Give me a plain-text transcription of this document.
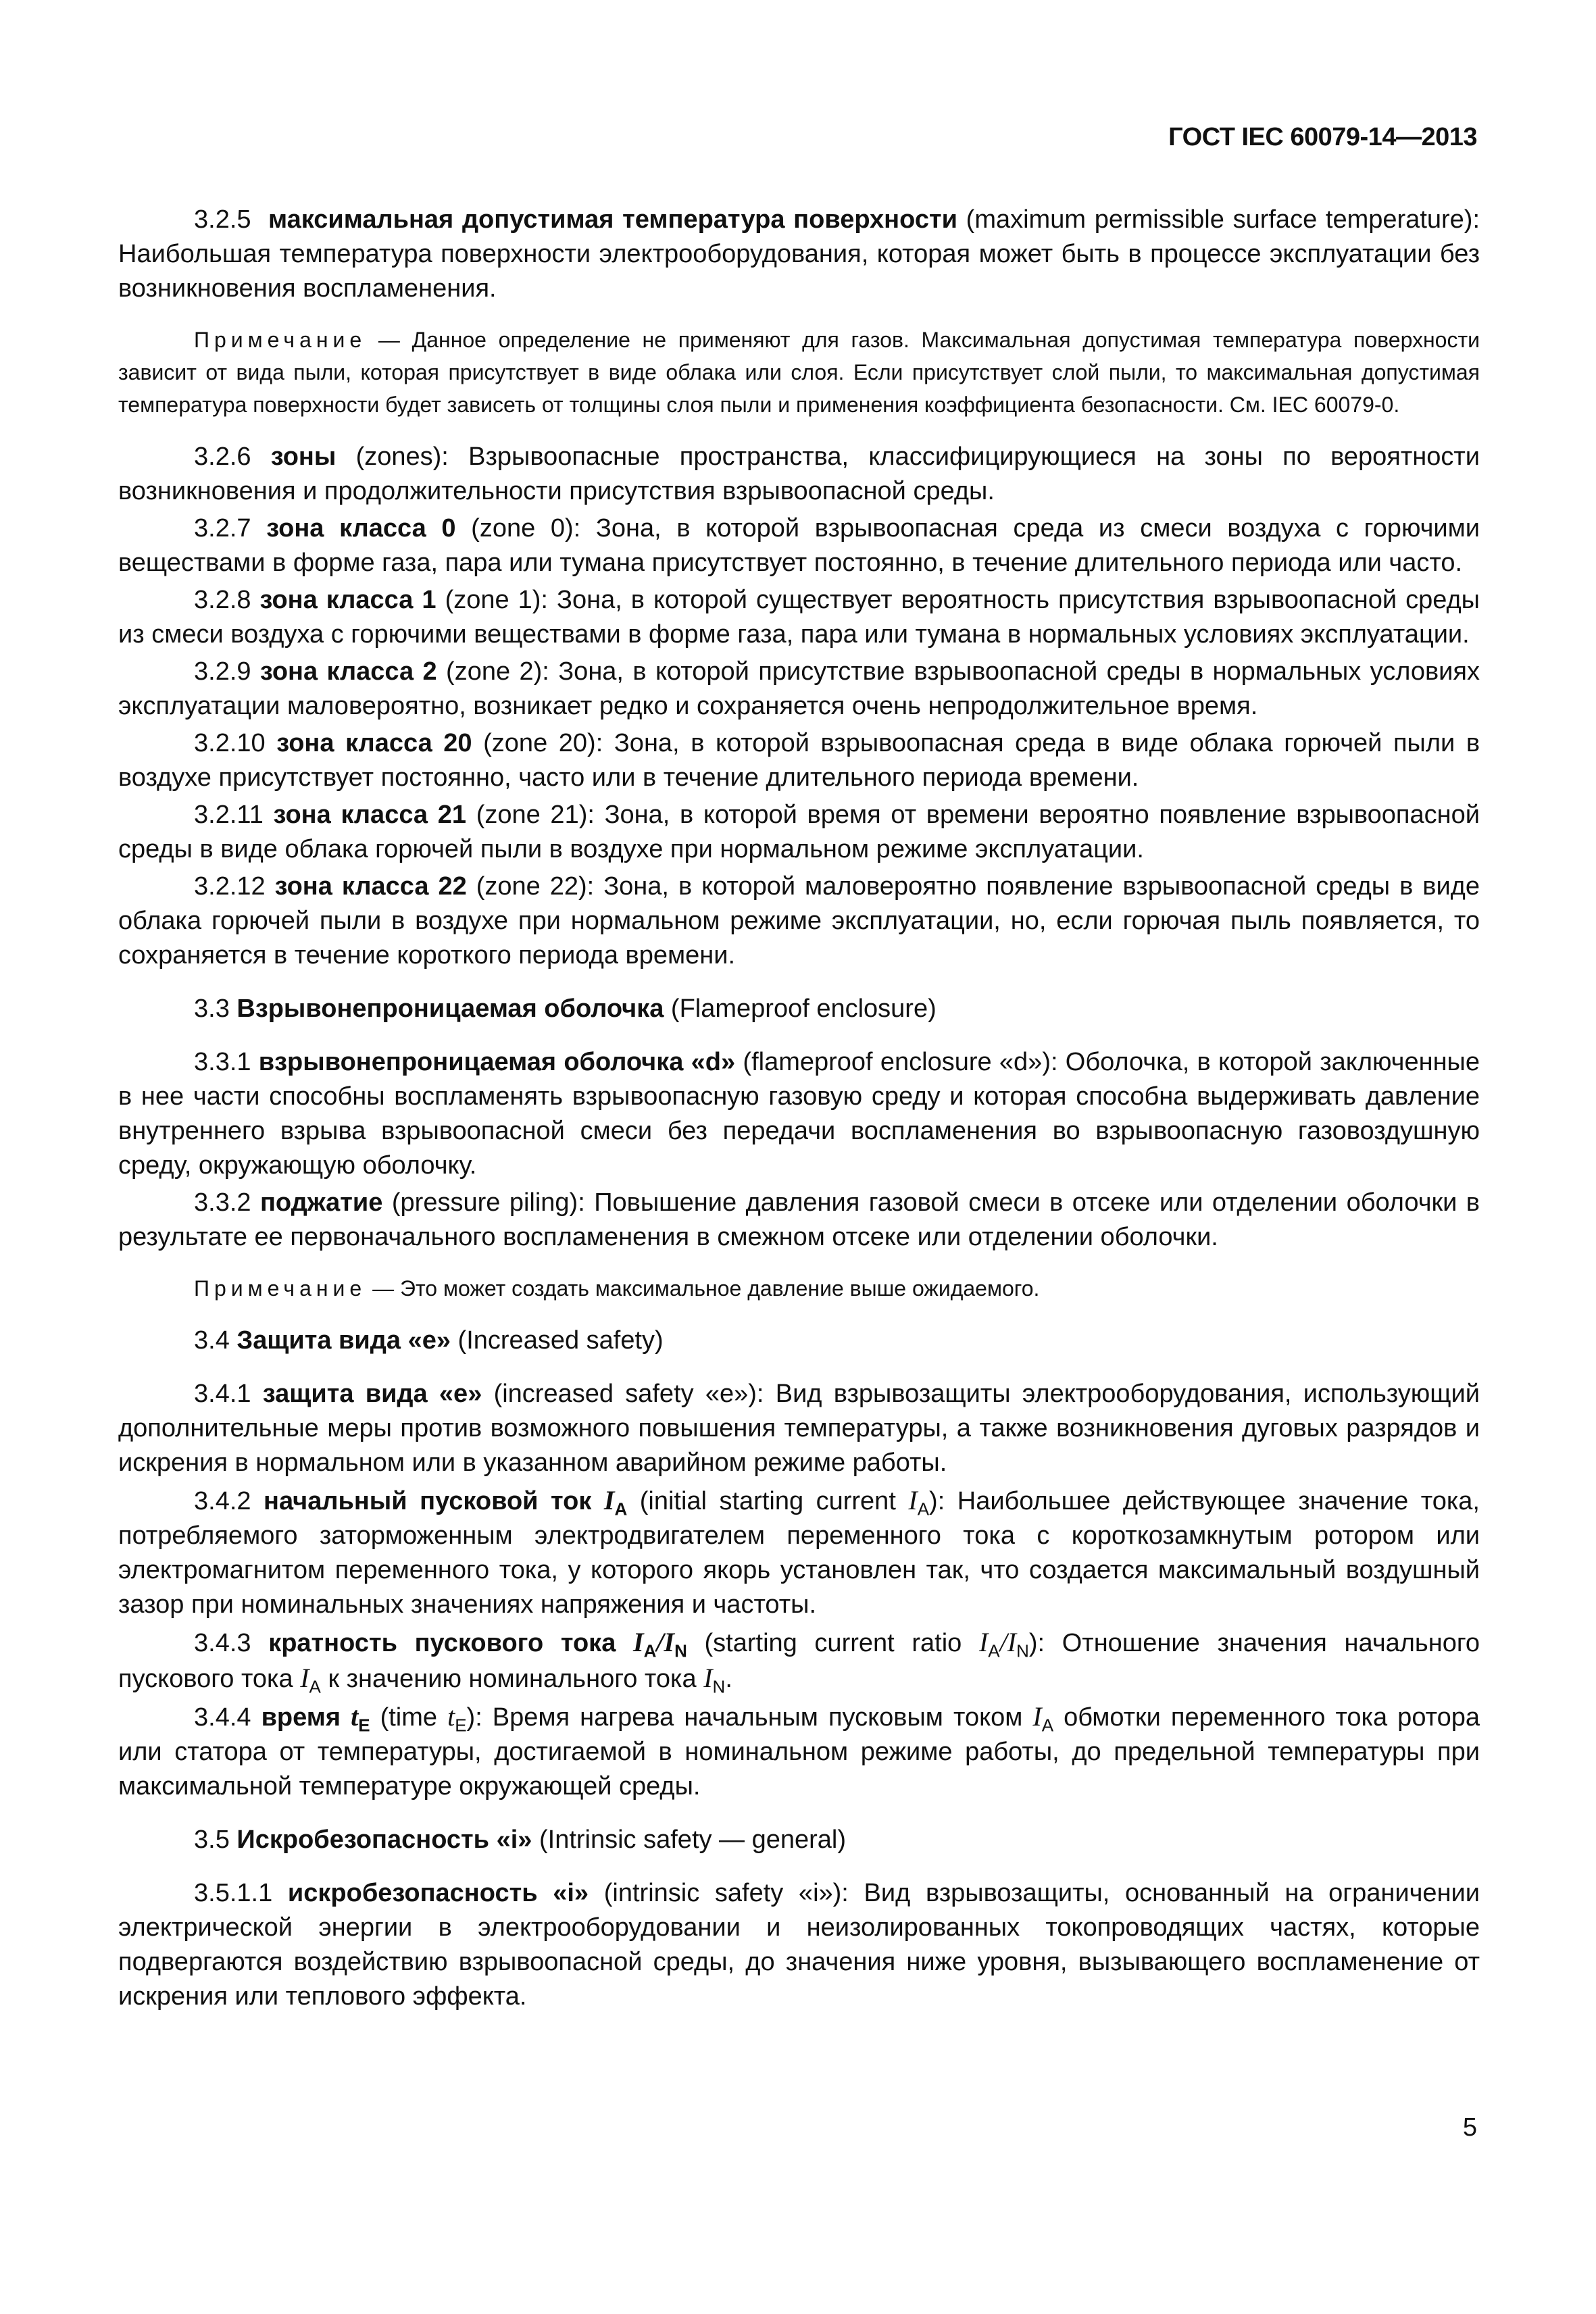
ГОСТ IEC 60079-14—2013

3.2.5 максимальная допустимая температура поверхности (maximum permissible surface temperature): Наибольшая температура поверхности электрооборудования, которая может быть в процессе эксплуатации без возникновения воспламенения.

Примечание — Данное определение не применяют для газов. Максимальная допустимая температура поверхности зависит от вида пыли, которая присутствует в виде облака или слоя. Если присутствует слой пыли, то максимальная допустимая температура поверхности будет зависеть от толщины слоя пыли и применения коэффициента безопасности. См. IEC 60079-0.

3.2.6 зоны (zones): Взрывоопасные пространства, классифицирующиеся на зоны по вероятности возникновения и продолжительности присутствия взрывоопасной среды.

3.2.7 зона класса 0 (zone 0): Зона, в которой взрывоопасная среда из смеси воздуха с горючими веществами в форме газа, пара или тумана присутствует постоянно, в течение длительного периода или часто.

3.2.8 зона класса 1 (zone 1): Зона, в которой существует вероятность присутствия взрывоопасной среды из смеси воздуха с горючими веществами в форме газа, пара или тумана в нормальных условиях эксплуатации.

3.2.9 зона класса 2 (zone 2): Зона, в которой присутствие взрывоопасной среды в нормальных условиях эксплуатации маловероятно, возникает редко и сохраняется очень непродолжительное время.

3.2.10 зона класса 20 (zone 20): Зона, в которой взрывоопасная среда в виде облака горючей пыли в воздухе присутствует постоянно, часто или в течение длительного периода времени.

3.2.11 зона класса 21 (zone 21): Зона, в которой время от времени вероятно появление взрывоопасной среды в виде облака горючей пыли в воздухе при нормальном режиме эксплуатации.

3.2.12 зона класса 22 (zone 22): Зона, в которой маловероятно появление взрывоопасной среды в виде облака горючей пыли в воздухе при нормальном режиме эксплуатации, но, если горючая пыль появляется, то сохраняется в течение короткого периода времени.

3.3 Взрывонепроницаемая оболочка (Flameproof enclosure)

3.3.1 взрывонепроницаемая оболочка «d» (flameproof enclosure «d»): Оболочка, в которой заключенные в нее части способны воспламенять взрывоопасную газовую среду и которая способна выдерживать давление внутреннего взрыва взрывоопасной смеси без передачи воспламенения во взрывоопасную газовоздушную среду, окружающую оболочку.

3.3.2 поджатие (pressure piling): Повышение давления газовой смеси в отсеке или отделении оболочки в результате ее первоначального воспламенения в смежном отсеке или отделении оболочки.

Примечание — Это может создать максимальное давление выше ожидаемого.

3.4 Защита вида «е» (Increased safety)

3.4.1 защита вида «е» (increased safety «е»): Вид взрывозащиты электрооборудования, использующий дополнительные меры против возможного повышения температуры, а также возникновения дуговых разрядов и искрения в нормальном или в указанном аварийном режиме работы.

3.4.2 начальный пусковой ток $I_A$ (initial starting current $I_A$): Наибольшее действующее значение тока, потребляемого заторможенным электродвигателем переменного тока с короткозамкнутым ротором или электромагнитом переменного тока, у которого якорь установлен так, что создается максимальный воздушный зазор при номинальных значениях напряжения и частоты.

3.4.3 кратность пускового тока $I_A/I_N$ (starting current ratio $I_A/I_N$): Отношение значения начального пускового тока $I_A$ к значению номинального тока $I_N$.

3.4.4 время $t_E$ (time $t_E$): Время нагрева начальным пусковым током $I_A$ обмотки переменного тока ротора или статора от температуры, достигаемой в номинальном режиме работы, до предельной температуры при максимальной температуре окружающей среды.

3.5 Искробезопасность «i» (Intrinsic safety — general)

3.5.1.1 искробезопасность «i» (intrinsic safety «i»): Вид взрывозащиты, основанный на ограничении электрической энергии в электрооборудовании и неизолированных токопроводящих частях, которые подвергаются воздействию взрывоопасной среды, до значения ниже уровня, вызывающего воспламенение от искрения или теплового эффекта.

5
